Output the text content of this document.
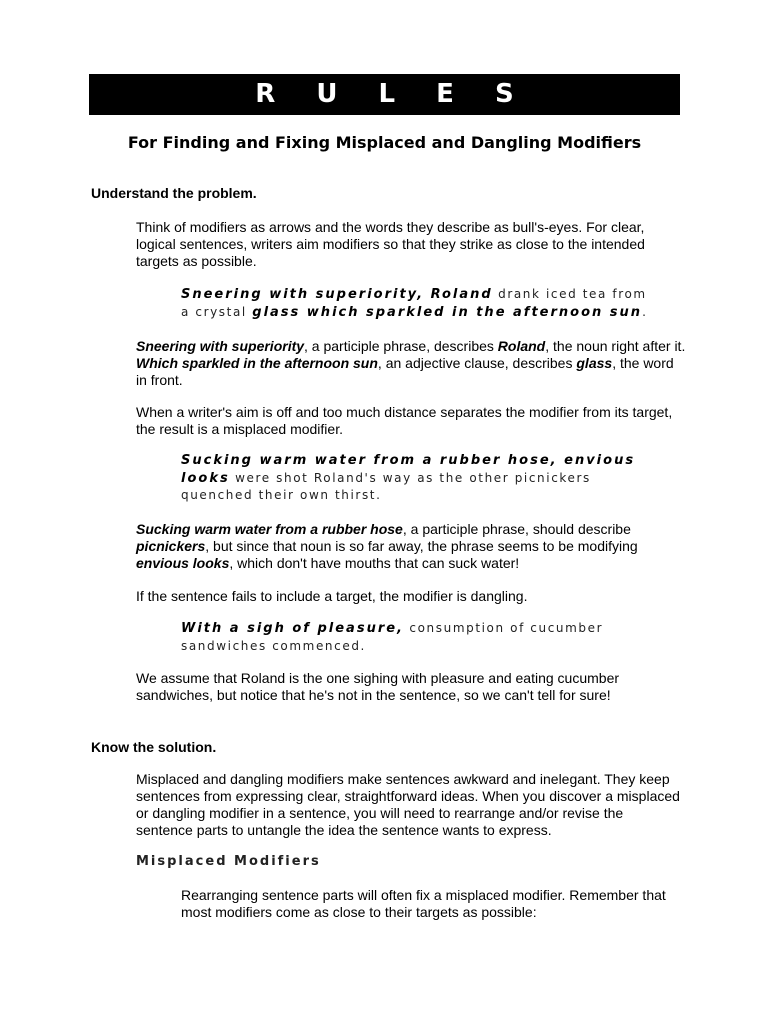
R U L E S
For Finding and Fixing Misplaced and Dangling Modifiers
Understand the problem.
Think of modifiers as arrows and the words they describe as bull's-eyes. For clear, logical sentences, writers aim modifiers so that they strike as close to the intended targets as possible.
Sneering with superiority, Roland drank iced tea from a crystal glass which sparkled in the afternoon sun.
Sneering with superiority, a participle phrase, describes Roland, the noun right after it. Which sparkled in the afternoon sun, an adjective clause, describes glass, the word in front.
When a writer's aim is off and too much distance separates the modifier from its target, the result is a misplaced modifier.
Sucking warm water from a rubber hose, envious looks were shot Roland's way as the other picnickers quenched their own thirst.
Sucking warm water from a rubber hose, a participle phrase, should describe picnickers, but since that noun is so far away, the phrase seems to be modifying envious looks, which don't have mouths that can suck water!
If the sentence fails to include a target, the modifier is dangling.
With a sigh of pleasure, consumption of cucumber sandwiches commenced.
We assume that Roland is the one sighing with pleasure and eating cucumber sandwiches, but notice that he's not in the sentence, so we can't tell for sure!
Know the solution.
Misplaced and dangling modifiers make sentences awkward and inelegant. They keep sentences from expressing clear, straightforward ideas. When you discover a misplaced or dangling modifier in a sentence, you will need to rearrange and/or revise the sentence parts to untangle the idea the sentence wants to express.
Misplaced Modifiers
Rearranging sentence parts will often fix a misplaced modifier. Remember that most modifiers come as close to their targets as possible:
